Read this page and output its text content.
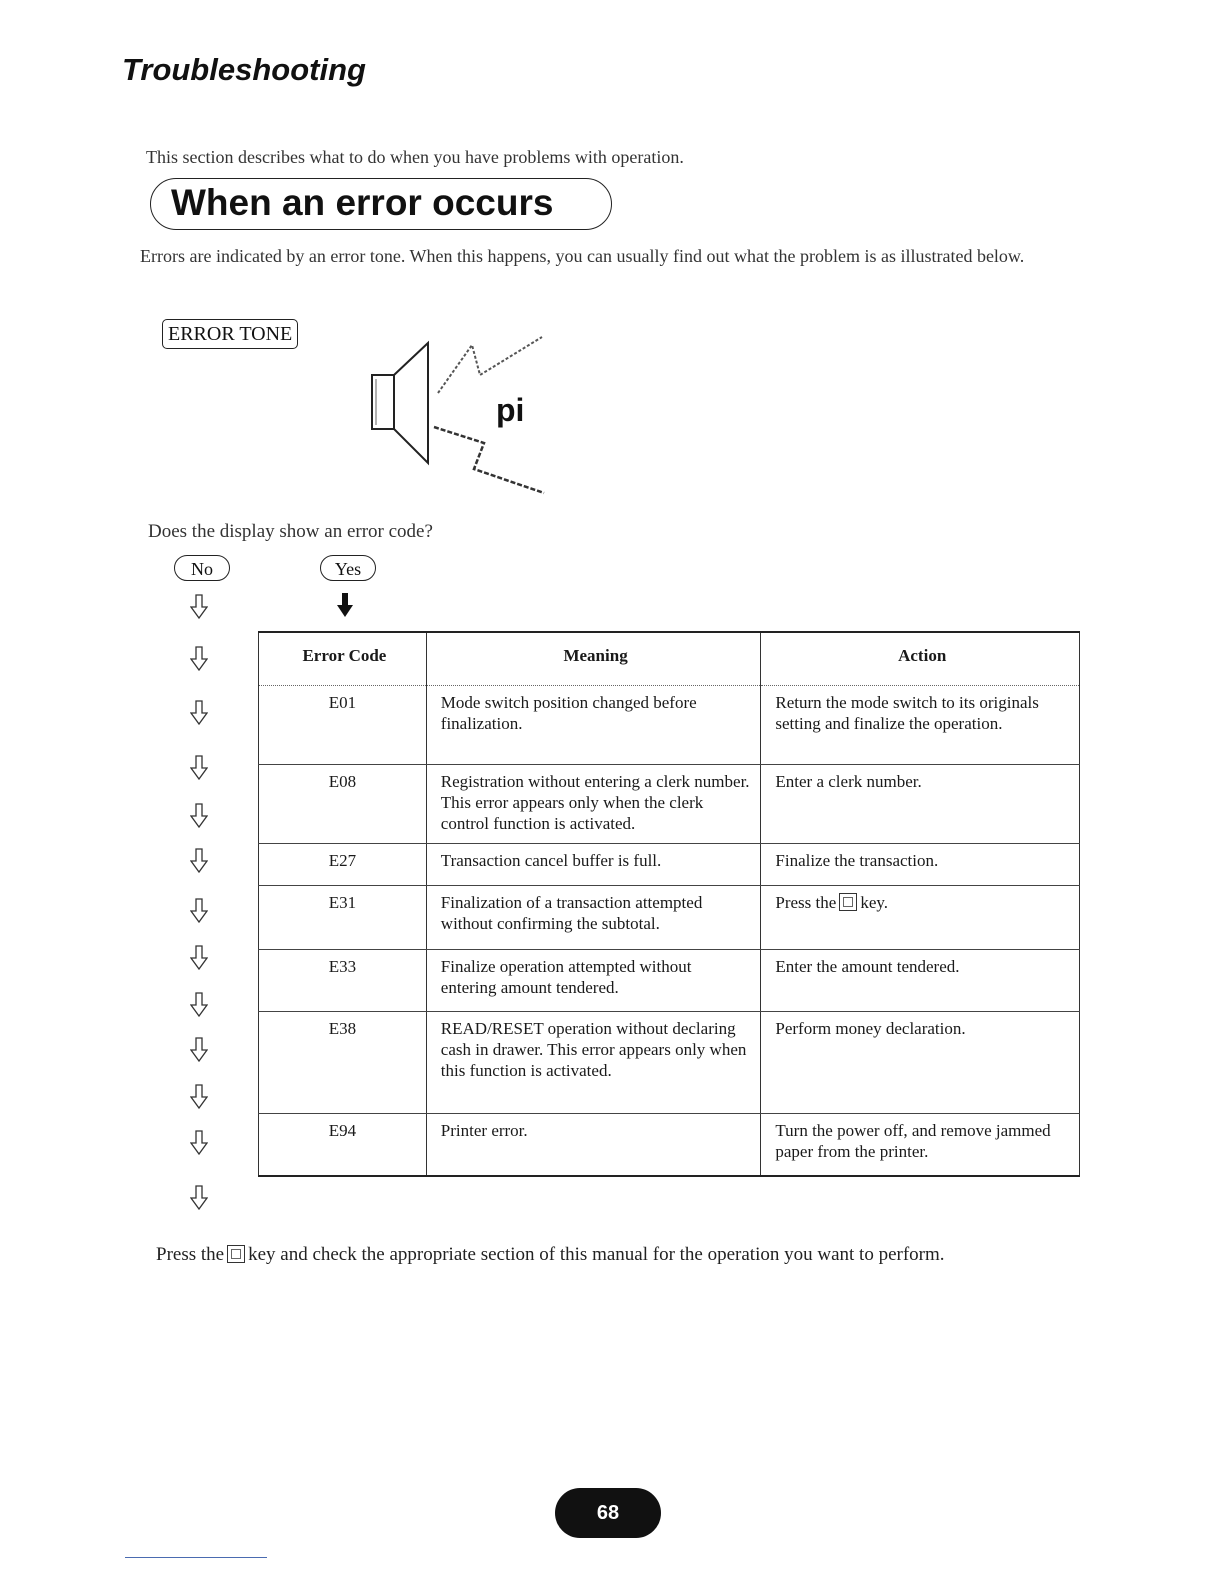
Troubleshooting
This section describes what to do when you have problems with operation.
When an error occurs
Errors are indicated by an error tone. When this happens, you can usually find out what the problem is as illustrated below.
ERROR TONE
pi
Does the display show an error code?
No	Yes
Error Code	Meaning	Action
E01	Mode switch position changed before finalization.	Return the mode switch to its originals setting and finalize the operation.
E08	Registration without entering a clerk number. This error appears only when the clerk control function is activated.	Enter a clerk number.
E27	Transaction cancel buffer is full.	Finalize the transaction.
E31	Finalization of a transaction attempted without confirming the subtotal.	Press the key.
E33	Finalize operation attempted without entering amount tendered.	Enter the amount tendered.
E38	READ/RESET operation without declaring cash in drawer. This error appears only when this function is activated.	Perform money declaration.
E94	Printer error.	Turn the power off, and remove jammed paper from the printer.
Press the key and check the appropriate section of this manual for the operation you want to perform.
68
